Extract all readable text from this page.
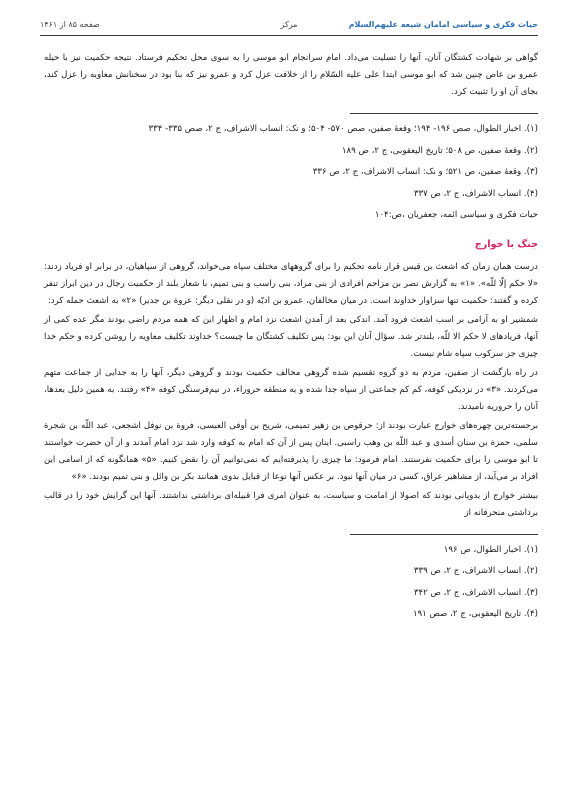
حیات فکری و سیاسی امامان شیعه علیهم‌السلام
مرکز
صفحه ۸۵ از ۱۴۶۱

گواهی بر شهادت کشتگان آنان، آنها را تسلیت می‌داد. امام سرانجام ابو موسی را به سوی محل تحکیم فرستاد. نتیجه حکمیت نیز با حیله عمرو بن عاص چنین شد که ابو موسی ابتدا علی علیه السّلام را از خلافت عزل کرد و عمرو نیز که بنا بود در سخنانش معاویه را عزل کند، بجای آن او را تثبیت کرد.

(۱). اخبار الطوال، صص ۱۹۶- ۱۹۴؛ وقعهٔ صفین، صص ۵۷۰- ۵۰۴؛ و نک: انساب الاشراف، ج ۲، صص ۳۳۵- ۳۳۴
(۲). وقعهٔ صفین، ص ۵۰۸؛ تاریخ الیعقوبی، ج ۲، ص ۱۸۹
(۳). وقعهٔ صفین، ص ۵۲۱؛ و نک: انساب الاشراف، ج ۲، ص ۳۳۶
(۴). انساب الاشراف، ج ۲، ص ۳۳۷
حیات فکری و سیاسی ائمه، جعفریان ،ص:۱۰۴
جنگ با خوارج

درست همان زمان که اشعث بن قیس قرار نامه تحکیم را برای گروههای مختلف سپاه می‌خواند، گروهی از سپاهیان، در برابر او فریاد زدند: «لا حکم إلّا للّه». «۱» به گزارش نصر بن مزاحم افرادی از بنی مراد، بنی راسب و بنی تمیم، با شعار بلند از حکمیت رجال در دین ابراز تنفر کرده و گفتند: حکمیت تنها سزاوار خداوند است. در میان مخالفان، عمرو بن ادیّه (و در نقلی دیگر: عروة بن جدیر) «۲» به اشعث حمله کرد:

شمشیر او به آرامی بر اسب اشعث فرود آمد. اندکی بعد از آمدن اشعث نزد امام و اظهار این که همه مردم راضی بودند مگر عده کمی از آنها، فریادهای لا حکم الا للّه، بلندتر شد. سؤال آنان این بود: پس تکلیف کشتگان ما چیست؟ خداوند تکلیف معاویه را روشن کرده و حکم خدا چیزی جز سرکوب سپاه شام نیست.

در راه بازگشت از صفین، مردم به دو گروه تقسیم شده گروهی مخالف حکمیت بودند و گروهی دیگر، آنها را به جدایی از جماعت متهم می‌کردند. «۳» در نزدیکی کوفه، کم کم جماعتی از سپاه جدا شده و به منطقه حروراء، در نیم‌فرسنگی کوفه «۴» رفتند. به همین دلیل بعدها، آنان را حروریه نامیدند.

برجسته‌ترین چهره‌های خوارج عبارت بودند از: حرقوص بن زهیر تمیمی، شریح بن أوفی العبسی، فروة بن نوفل اشجعی، عبد اللّه بن شجرة سلمی، حمزة بن سنان أسدی و عبد اللّه بن وهب راسبی. اینان پس از آن که امام به کوفه وارد شد نزد امام آمدند و از آن حضرت خواستند تا ابو موسی را برای حکمیت نفرستند. امام فرمود: ما چیزی را پذیرفته‌ایم که نمی‌توانیم آن را نقض کنیم. «۵» همانگونه که از اسامی این افراد بر می‌آید، از مشاهیر عراق، کسی در میان آنها نبود. بر عکس آنها نوعا از قبایل بدوی همانند بکر بن وائل و بنی تمیم بودند. «۶»

بیشتر خوارج از بدویانی بودند که اصولا از امامت و سیاست، به عنوان امری فرا قبیله‌ای برداشتی نداشتند. آنها این گرایش خود را در قالب برداشتی منحرفانه از

(۱). اخبار الطوال، ص ۱۹۶
(۲). انساب الاشراف، ج ۲، ص ۳۳۹
(۳). انساب الاشراف، ج ۲، ص ۳۴۲
(۴). تاریخ الیعقوبی، ج ۲، صص ۱۹۱
